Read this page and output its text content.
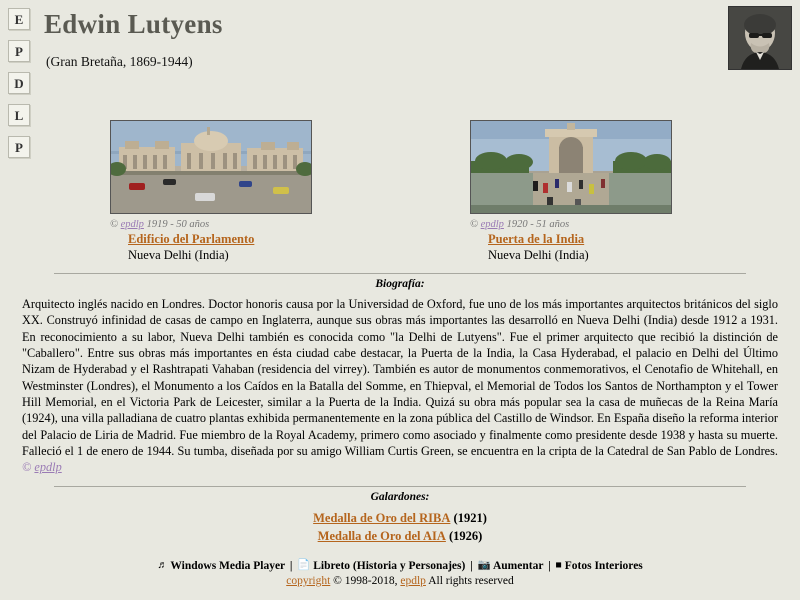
E
P
D
L
P
Edwin Lutyens
(Gran Bretaña, 1869-1944)
© epdlp 1919 - 50 años
Edificio del Parlamento
Nueva Delhi (India)
© epdlp 1920 - 51 años
Puerta de la India
Nueva Delhi (India)
Biografía:
Arquitecto inglés nacido en Londres. Doctor honoris causa por la Universidad de Oxford, fue uno de los más importantes arquitectos británicos del siglo XX. Construyó infinidad de casas de campo en Inglaterra, aunque sus obras más importantes las desarrolló en Nueva Delhi (India) desde 1912 a 1931. En reconocimiento a su labor, Nueva Delhi también es conocida como "la Delhi de Lutyens". Fue el primer arquitecto que recibió la distinción de "Caballero". Entre sus obras más importantes en ésta ciudad cabe destacar, la Puerta de la India, la Casa Hyderabad, el palacio en Delhi del Último Nizam de Hyderabad y el Rashtrapati Vahaban (residencia del virrey). También es autor de monumentos conmemorativos, el Cenotafio de Whitehall, en Westminster (Londres), el Monumento a los Caídos en la Batalla del Somme, en Thiepval, el Memorial de Todos los Santos de Northampton y el Tower Hill Memorial, en el Victoria Park de Leicester, similar a la Puerta de la India. Quizá su obra más popular sea la casa de muñecas de la Reina María (1924), una villa palladiana de cuatro plantas exhibida permanentemente en la zona pública del Castillo de Windsor. En España diseño la reforma interior del Palacio de Liria de Madrid. Fue miembro de la Royal Academy, primero como asociado y finalmente como presidente desde 1938 y hasta su muerte. Falleció el 1 de enero de 1944. Su tumba, diseñada por su amigo William Curtis Green, se encuentra en la cripta de la Catedral de San Pablo de Londres. © epdlp
Galardones:
Medalla de Oro del RIBA (1921)
Medalla de Oro del AIA (1926)
♬ Windows Media Player | 📄 Libreto (Historia y Personajes) | 📷 Aumentar | ■ Fotos Interiores
copyright © 1998-2018, epdlp All rights reserved
